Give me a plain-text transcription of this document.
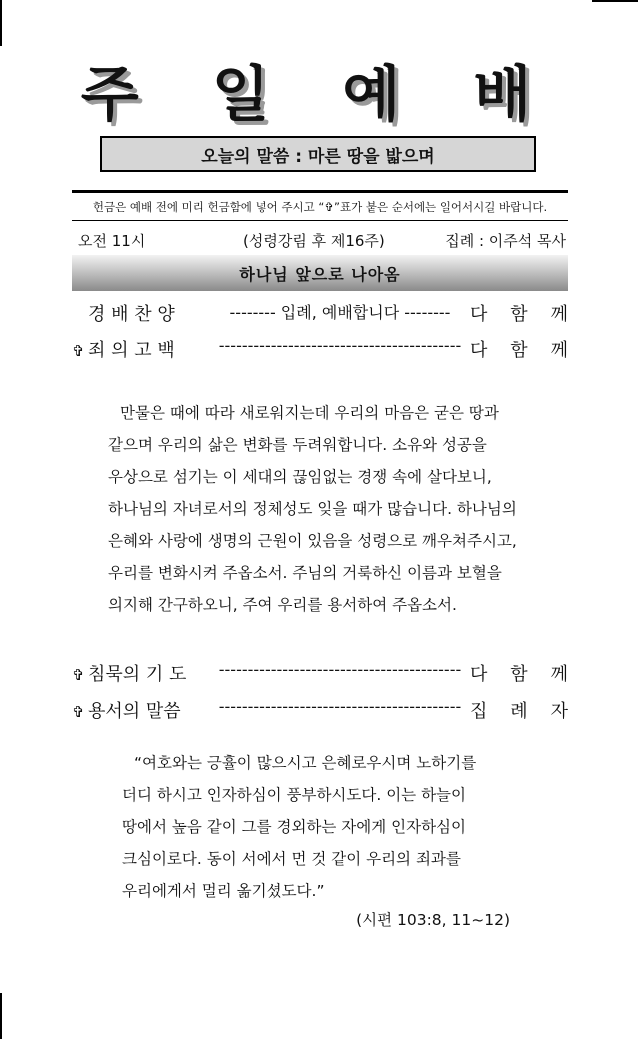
주 일 예 배
오늘의 말씀 : 마른 땅을 밟으며
헌금은 예배 전에 미리 헌금함에 넣어 주시고 “✞”표가 붙은 순서에는 일어서시길 바랍니다.
오전 11시	(성령강림 후 제16주)	집례 : 이주석 목사
하나님 앞으로 나아옴
경 배 찬 양	-------- 입례, 예배합니다 --------	다 함 께
✞ 죄 의 고 백	------------------------------------------ 다 함 께
만물은 때에 따라 새로워지는데 우리의 마음은 굳은 땅과
같으며 우리의 삶은 변화를 두려워합니다. 소유와 성공을
우상으로 섬기는 이 세대의 끊임없는 경쟁 속에 살다보니,
하나님의 자녀로서의 정체성도 잊을 때가 많습니다. 하나님의
은혜와 사랑에 생명의 근원이 있음을 성령으로 깨우쳐주시고,
우리를 변화시켜 주옵소서. 주님의 거룩하신 이름과 보혈을
의지해 간구하오니, 주여 우리를 용서하여 주옵소서.
✞ 침묵의 기 도 ------------------------------------------ 다 함 께
✞ 용서의 말씀 ------------------------------------------ 집 례 자
“여호와는 긍휼이 많으시고 은혜로우시며 노하기를
더디 하시고 인자하심이 풍부하시도다. 이는 하늘이
땅에서 높음 같이 그를 경외하는 자에게 인자하심이
크심이로다. 동이 서에서 먼 것 같이 우리의 죄과를
우리에게서 멀리 옮기셨도다.”
(시편 103:8, 11~12)
